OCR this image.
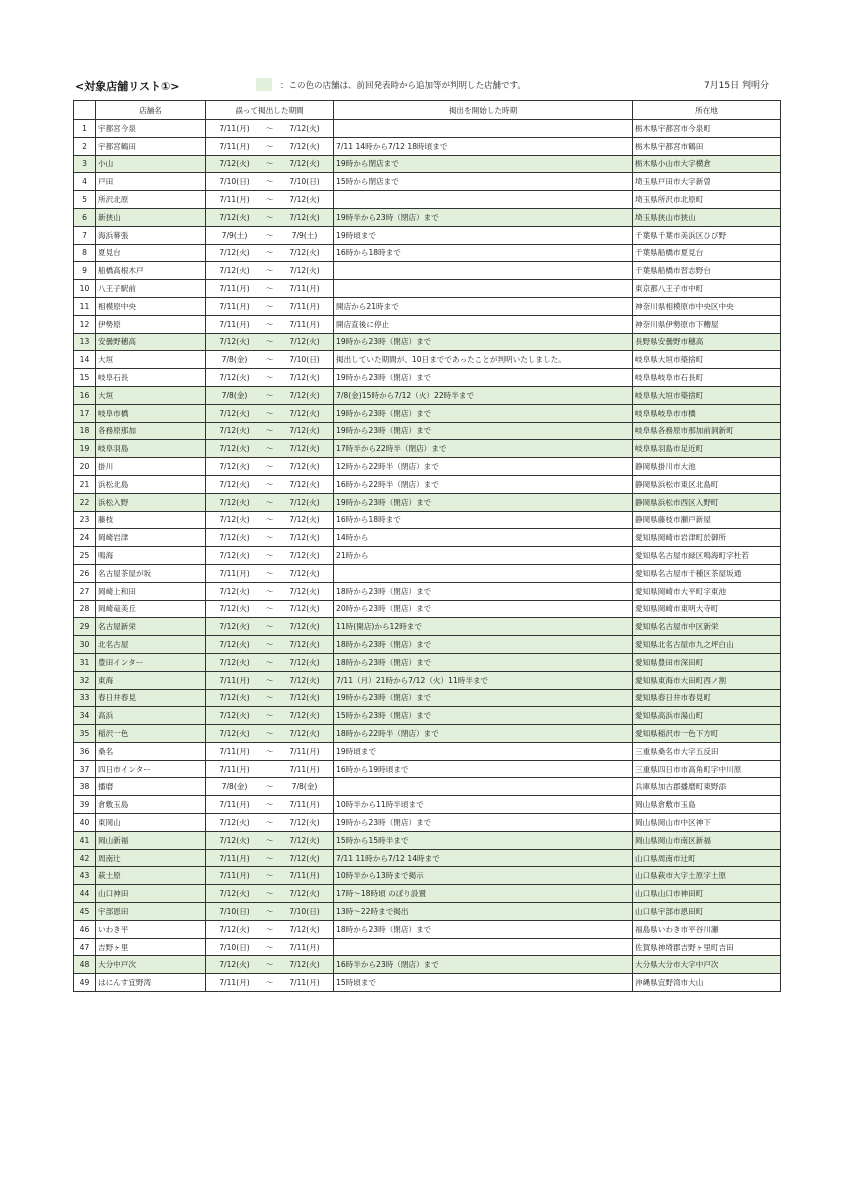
<対象店舗リスト①>	：この色の店舗は、前回発表時から追加等が判明した店舗です。	7月15日 判明分
	店舗名	誤って掲出した期間	掲出を開始した時期	所在地
1	宇都宮今泉	7/11(月) ～ 7/12(火)		栃木県宇都宮市今泉町
2	宇都宮鶴田	7/11(月) ～ 7/12(火)	7/11 14時から7/12 18時頃まで	栃木県宇都宮市鶴田
3	小山	7/12(火) ～ 7/12(火)	19時から閉店まで	栃木県小山市大字横倉
4	戸田	7/10(日) ～ 7/10(日)	15時から閉店まで	埼玉県戸田市大字新曽
5	所沢北原	7/11(月) ～ 7/12(火)		埼玉県所沢市北原町
6	新狭山	7/12(火) ～ 7/12(火)	19時半から23時（閉店）まで	埼玉県狭山市狭山
7	海浜幕張	7/9(土) ～ 7/9(土)	19時頃まで	千葉県千葉市美浜区ひび野
8	夏見台	7/12(火) ～ 7/12(火)	16時から18時まで	千葉県船橋市夏見台
9	船橋高根木戸	7/12(火) ～ 7/12(火)		千葉県船橋市習志野台
10	八王子駅前	7/11(月) ～ 7/11(月)		東京都八王子市中町
11	相模原中央	7/11(月) ～ 7/11(月)	開店から21時まで	神奈川県相模原市中央区中央
12	伊勢原	7/11(月) ～ 7/11(月)	開店直後に停止	神奈川県伊勢原市下糟屋
13	安曇野穂高	7/12(火) ～ 7/12(火)	19時から23時（閉店）まで	長野県安曇野市穂高
14	大垣	7/8(金) ～ 7/10(日)	掲出していた期間が、10日までであったことが判明いたしました。	岐阜県大垣市築捨町
15	岐阜石長	7/12(火) ～ 7/12(火)	19時から23時（閉店）まで	岐阜県岐阜市石長町
16	大垣	7/8(金) ～ 7/12(火)	7/8(金)15時から7/12（火）22時半まで	岐阜県大垣市築捨町
17	岐阜市橋	7/12(火) ～ 7/12(火)	19時から23時（閉店）まで	岐阜県岐阜市市橋
18	各務原那加	7/12(火) ～ 7/12(火)	19時から23時（閉店）まで	岐阜県各務原市那加前洞新町
19	岐阜羽島	7/12(火) ～ 7/12(火)	17時半から22時半（閉店）まで	岐阜県羽島市足近町
20	掛川	7/12(火) ～ 7/12(火)	12時から22時半（閉店）まで	静岡県掛川市大池
21	浜松北島	7/12(火) ～ 7/12(火)	16時から22時半（閉店）まで	静岡県浜松市東区北島町
22	浜松入野	7/12(火) ～ 7/12(火)	19時から23時（閉店）まで	静岡県浜松市西区入野町
23	藤枝	7/12(火) ～ 7/12(火)	16時から18時まで	静岡県藤枝市瀬戸新屋
24	岡崎岩津	7/12(火) ～ 7/12(火)	14時から	愛知県岡崎市岩津町於御所
25	鳴海	7/12(火) ～ 7/12(火)	21時から	愛知県名古屋市緑区鳴海町字杜若
26	名古屋茶屋が坂	7/11(月) ～ 7/12(火)		愛知県名古屋市千種区茶屋坂通
27	岡崎上和田	7/12(火) ～ 7/12(火)	18時から23時（閉店）まで	愛知県岡崎市大平町字東池
28	岡崎竜美丘	7/12(火) ～ 7/12(火)	20時から23時（閉店）まで	愛知県岡崎市東明大寺町
29	名古屋新栄	7/12(火) ～ 7/12(火)	11時(開店)から12時まで	愛知県名古屋市中区新栄
30	北名古屋	7/12(火) ～ 7/12(火)	18時から23時（閉店）まで	愛知県北名古屋市九之坪白山
31	豊田インター	7/12(火) ～ 7/12(火)	18時から23時（閉店）まで	愛知県豊田市深田町
32	東海	7/11(月) ～ 7/12(火)	7/11（月）21時から7/12（火）11時半まで	愛知県東海市大田町西ノ割
33	春日井春見	7/12(火) ～ 7/12(火)	19時から23時（閉店）まで	愛知県春日井市春見町
34	高浜	7/12(火) ～ 7/12(火)	15時から23時（閉店）まで	愛知県高浜市湯山町
35	稲沢一色	7/12(火) ～ 7/12(火)	18時から22時半（閉店）まで	愛知県稲沢市一色下方町
36	桑名	7/11(月) ～ 7/11(月)	19時頃まで	三重県桑名市大字五反田
37	四日市インター	7/11(月) 7/11(月)	16時から19時頃まで	三重県四日市市高角町字中川原
38	播磨	7/8(金) ～ 7/8(金)		兵庫県加古郡播磨町東野添
39	倉敷玉島	7/11(月) ～ 7/11(月)	10時半から11時半頃まで	岡山県倉敷市玉島
40	東岡山	7/12(火) ～ 7/12(火)	19時から23時（閉店）まで	岡山県岡山市中区神下
41	岡山新福	7/12(火) ～ 7/12(火)	15時から15時半まで	岡山県岡山市南区新福
42	周南辻	7/11(月) ～ 7/12(火)	7/11 11時から7/12 14時まで	山口県周南市辻町
43	萩土原	7/11(月) ～ 7/11(月)	10時半から13時まで掲示	山口県萩市大字土原字土原
44	山口神田	7/12(火) ～ 7/12(火)	17時～18時頃 のぼり設置	山口県山口市神田町
45	宇部恩田	7/10(日) ～ 7/10(日)	13時～22時まで掲出	山口県宇部市恩田町
46	いわき平	7/12(火) ～ 7/12(火)	18時から23時（閉店）まで	福島県いわき市平谷川瀬
47	吉野ヶ里	7/10(日) ～ 7/11(月)		佐賀県神埼郡吉野ヶ里町吉田
48	大分中戸次	7/12(火) ～ 7/12(火)	16時半から23時（閉店）まで	大分県大分市大字中戸次
49	はにんす宜野湾	7/11(月) ～ 7/11(月)	15時頃まで	沖縄県宜野湾市大山
